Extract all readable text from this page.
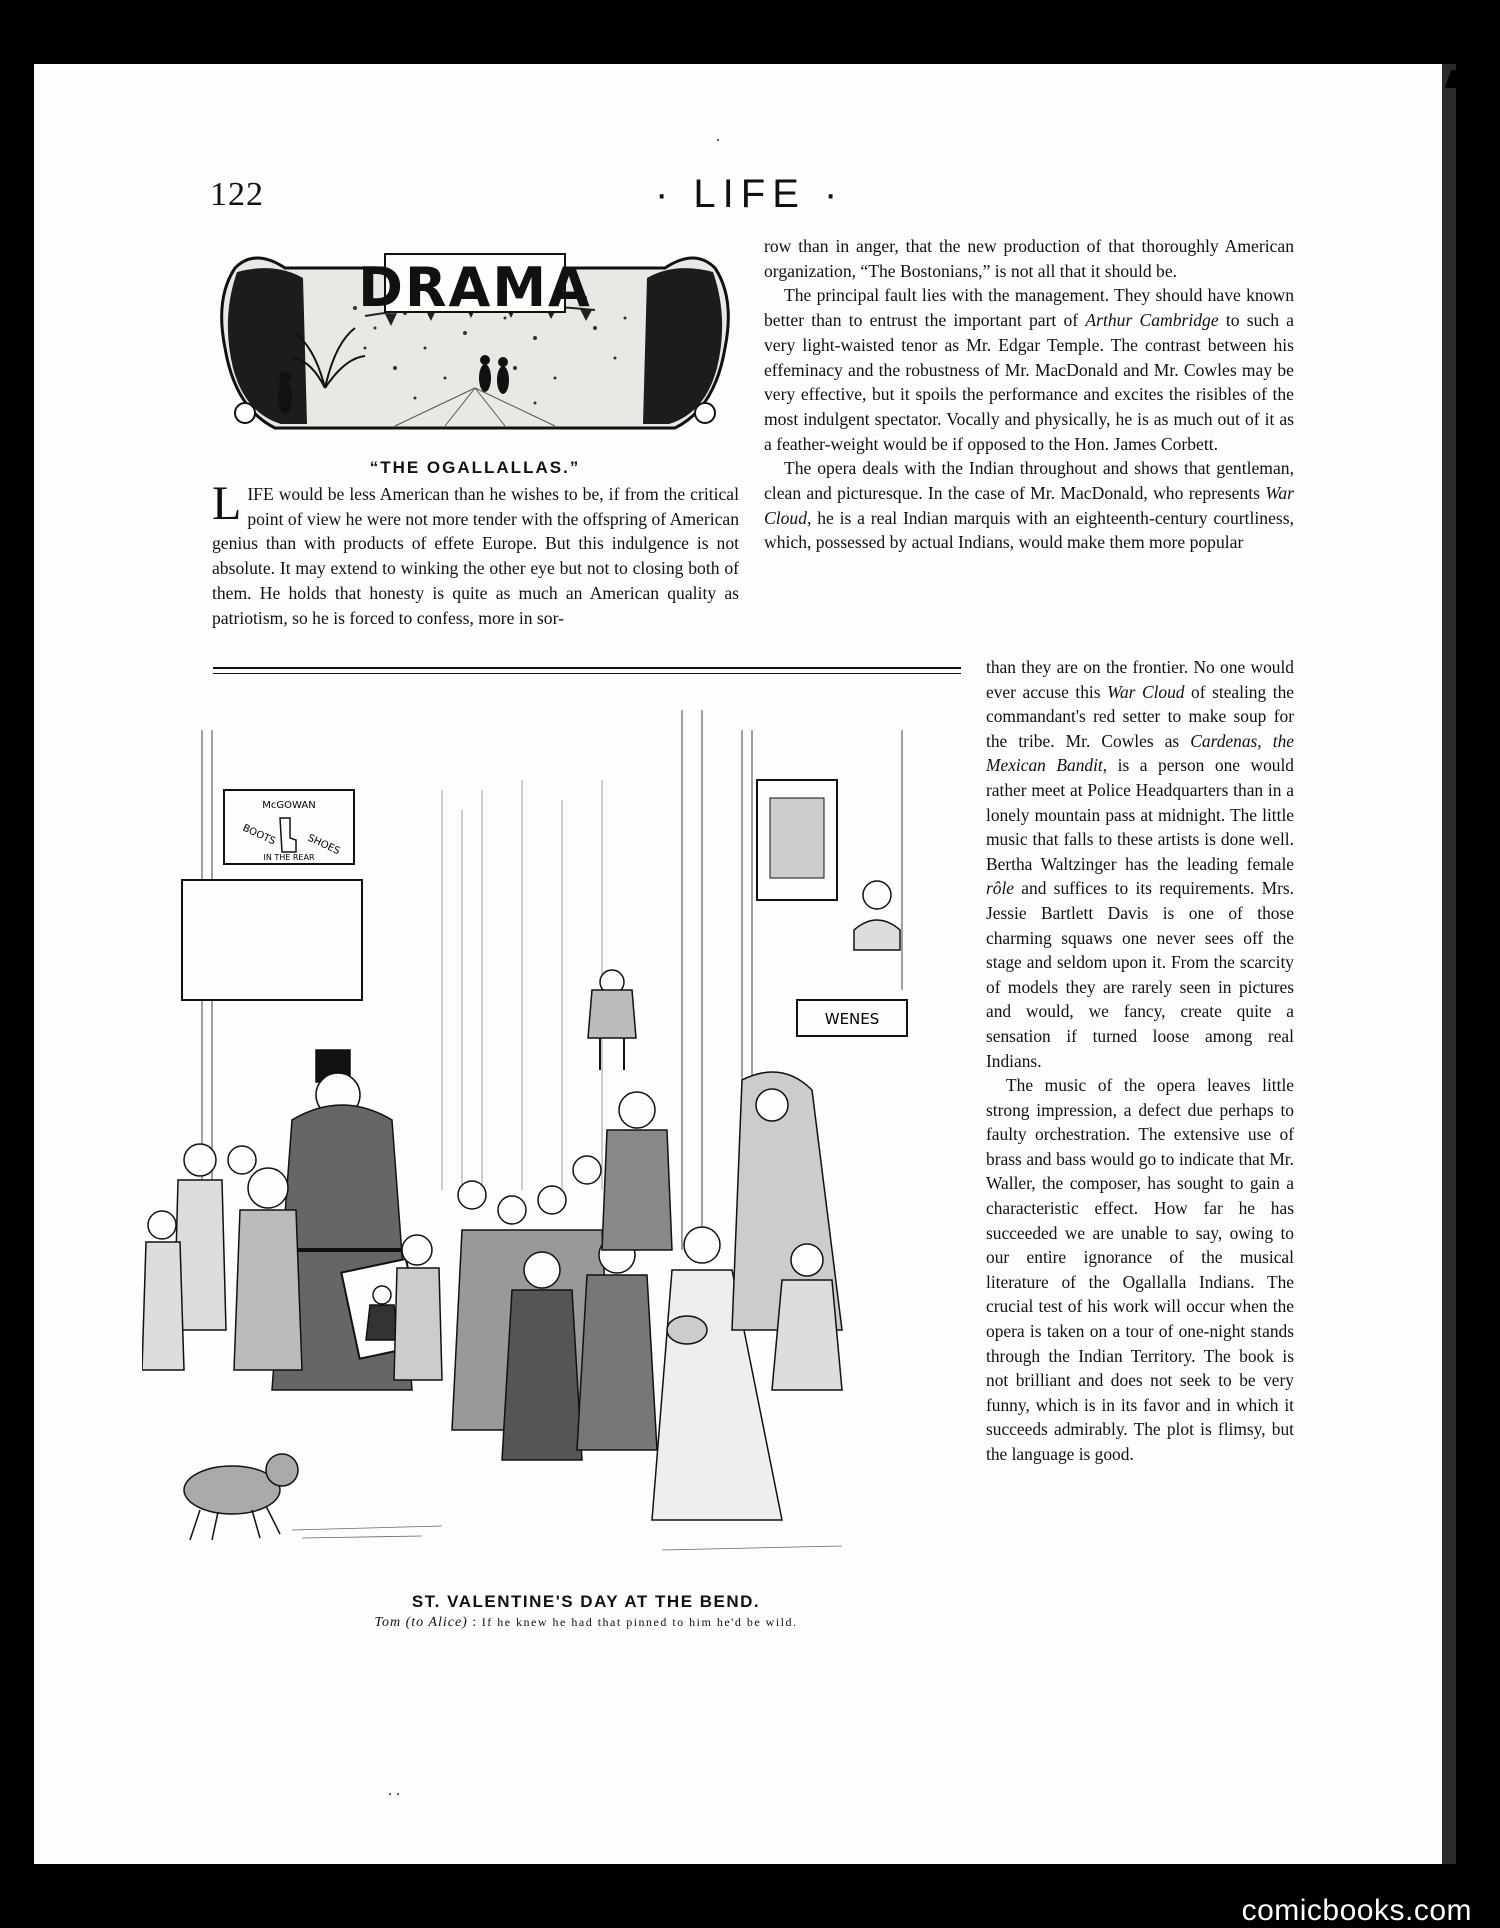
.
122	· LIFE ·
DRAMA
“THE OGALLALLAS.”

LIFE would be less American than he wishes to be, if from the critical point of view he were not more tender with the offspring of American genius than with products of effete Europe. But this indulgence is not absolute. It may extend to winking the other eye but not to closing both of them. He holds that honesty is quite as much an American quality as patriotism, so he is forced to confess, more in sor-

row than in anger, that the new production of that thoroughly American organization, “The Bostonians,” is not all that it should be.

The principal fault lies with the management. They should have known better than to entrust the important part of Arthur Cambridge to such a very light-waisted tenor as Mr. Edgar Temple. The contrast between his effeminacy and the robustness of Mr. MacDonald and Mr. Cowles may be very effective, but it spoils the performance and excites the risibles of the most indulgent spectator. Vocally and physically, he is as much out of it as a feather-weight would be if opposed to the Hon. James Corbett.

The opera deals with the Indian throughout and shows that gentleman, clean and picturesque. In the case of Mr. MacDonald, who represents War Cloud, he is a real Indian marquis with an eighteenth-century courtliness, which, possessed by actual Indians, would make them more popular

than they are on the frontier. No one would ever accuse this War Cloud of stealing the commandant's red setter to make soup for the tribe. Mr. Cowles as Cardenas, the Mexican Bandit, is a person one would rather meet at Police Headquarters than in a lonely mountain pass at midnight. The little music that falls to these artists is done well. Bertha Waltzinger has the leading female rôle and suffices to its requirements. Mrs. Jessie Bartlett Davis is one of those charming squaws one never sees off the stage and seldom upon it. From the scarcity of models they are rarely seen in pictures and would, we fancy, create quite a sensation if turned loose among real Indians.

The music of the opera leaves little strong impression, a defect due perhaps to faulty orchestration. The extensive use of brass and bass would go to indicate that Mr. Waller, the composer, has sought to gain a characteristic effect. How far he has succeeded we are unable to say, owing to our entire ignorance of the musical literature of the Ogallalla Indians. The crucial test of his work will occur when the opera is taken on a tour of one-night stands through the Indian Territory. The book is not brilliant and does not seek to be very funny, which is in its favor and in which it succeeds admirably. The plot is flimsy, but the language is good.

McGOWAN
BOOTS	SHOES
IN THE REAR
WENES
ST. VALENTINE'S DAY AT THE BEND.
Tom (to Alice) : If he knew he had that pinned to him he'd be wild.
. .
comicbooks.com
